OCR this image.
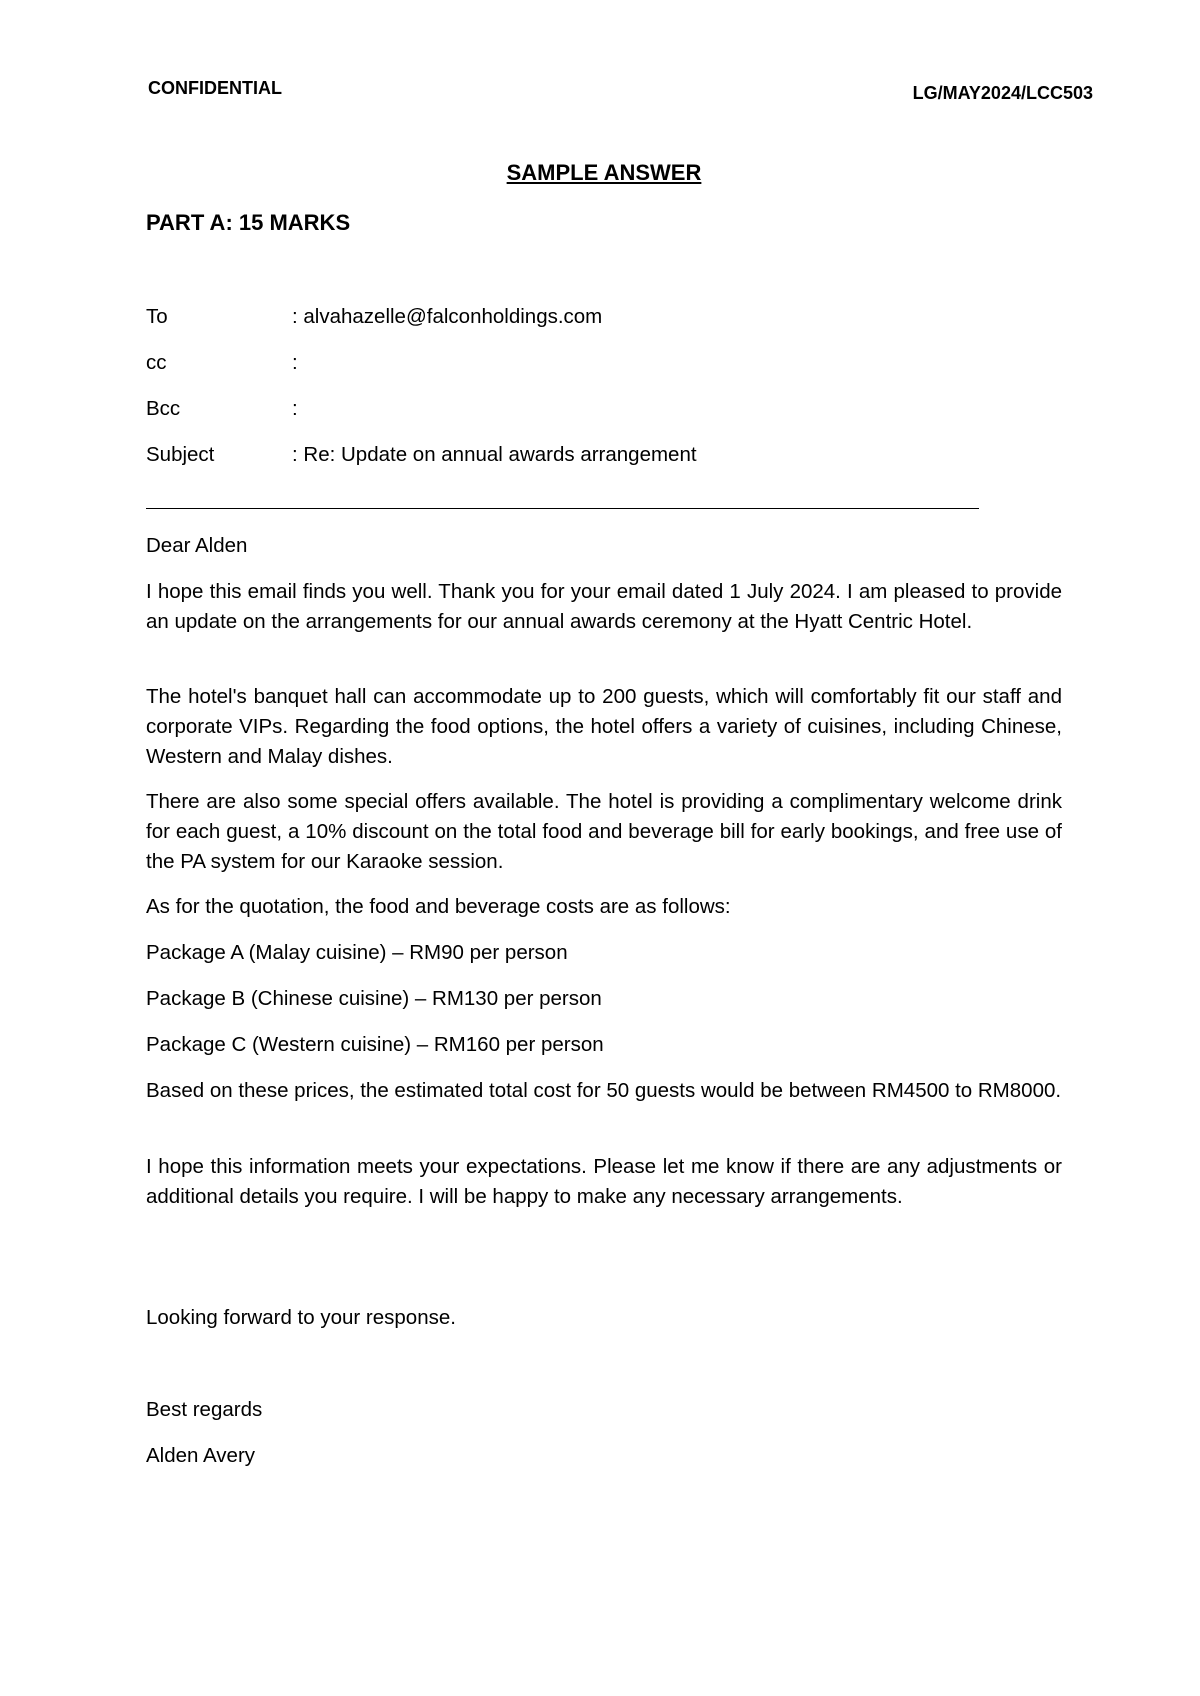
CONFIDENTIAL	LG/MAY2024/LCC503
SAMPLE ANSWER
PART A: 15 MARKS
To	: alvahazelle@falconholdings.com
cc	:
Bcc	:
Subject	: Re: Update on annual awards arrangement

Dear Alden

I hope this email finds you well. Thank you for your email dated 1 July 2024. I am pleased to provide an update on the arrangements for our annual awards ceremony at the Hyatt Centric Hotel.

The hotel's banquet hall can accommodate up to 200 guests, which will comfortably fit our staff and corporate VIPs. Regarding the food options, the hotel offers a variety of cuisines, including Chinese, Western and Malay dishes.

There are also some special offers available. The hotel is providing a complimentary welcome drink for each guest, a 10% discount on the total food and beverage bill for early bookings, and free use of the PA system for our Karaoke session.

As for the quotation, the food and beverage costs are as follows:

Package A (Malay cuisine) – RM90 per person

Package B (Chinese cuisine) – RM130 per person

Package C (Western cuisine) – RM160 per person

Based on these prices, the estimated total cost for 50 guests would be between RM4500 to RM8000.

I hope this information meets your expectations. Please let me know if there are any adjustments or additional details you require. I will be happy to make any necessary arrangements.

Looking forward to your response.

Best regards

Alden Avery
